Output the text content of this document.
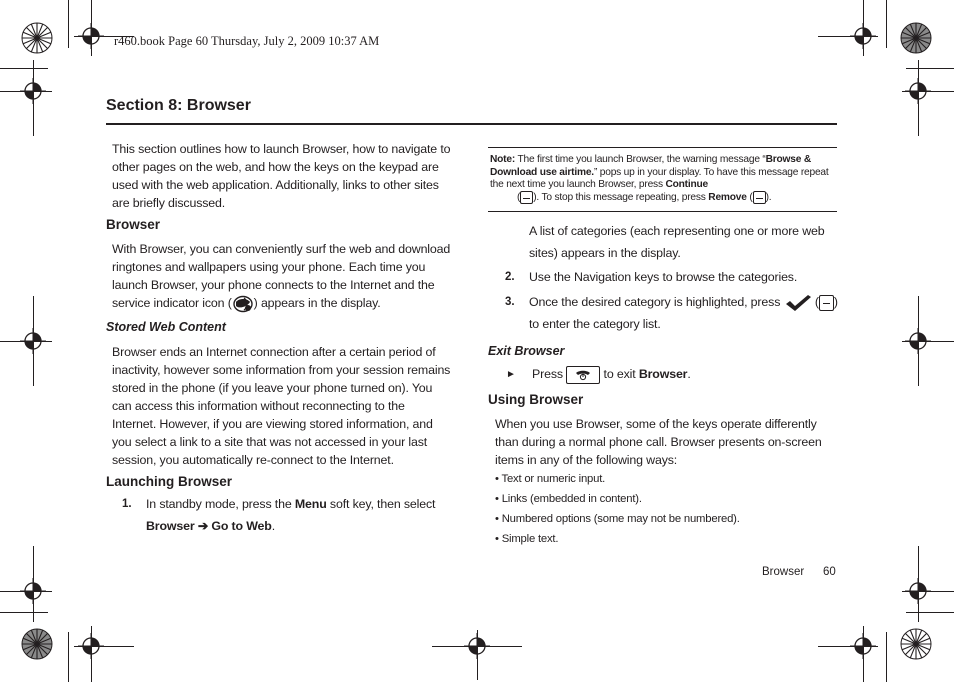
r460.book Page 60 Thursday, July 2, 2009 10:37 AM
Section 8: Browser
This section outlines how to launch Browser, how to navigate to other pages on the web, and how the keys on the keypad are used with the web application. Additionally, links to other sites are briefly discussed.
Browser
With Browser, you can conveniently surf the web and download ringtones and wallpapers using your phone. Each time you launch Browser, your phone connects to the Internet and the service indicator icon ( ) appears in the display.
Stored Web Content
Browser ends an Internet connection after a certain period of inactivity, however some information from your session remains stored in the phone (if you leave your phone turned on). You can access this information without reconnecting to the Internet. However, if you are viewing stored information, and you select a link to a site that was not accessed in your last session, you automatically re-connect to the Internet.
Launching Browser
1. In standby mode, press the Menu soft key, then select
Browser ➔ Go to Web.
Note: The first time you launch Browser, the warning message “Browse & Download use airtime.” pops up in your display. To have this message repeat the next time you launch Browser, press Continue
( ). To stop this message repeating, press Remove ( ).
A list of categories (each representing one or more web sites) appears in the display.
2. Use the Navigation keys to browse the categories.
3. Once the desired category is highlighted, press	( )
to enter the category list.
Exit Browser
► Press	to exit Browser.
Using Browser
When you use Browser, some of the keys operate differently than during a normal phone call. Browser presents on-screen items in any of the following ways:
• Text or numeric input.
• Links (embedded in content).
• Numbered options (some may not be numbered).
• Simple text.
Browser 60
